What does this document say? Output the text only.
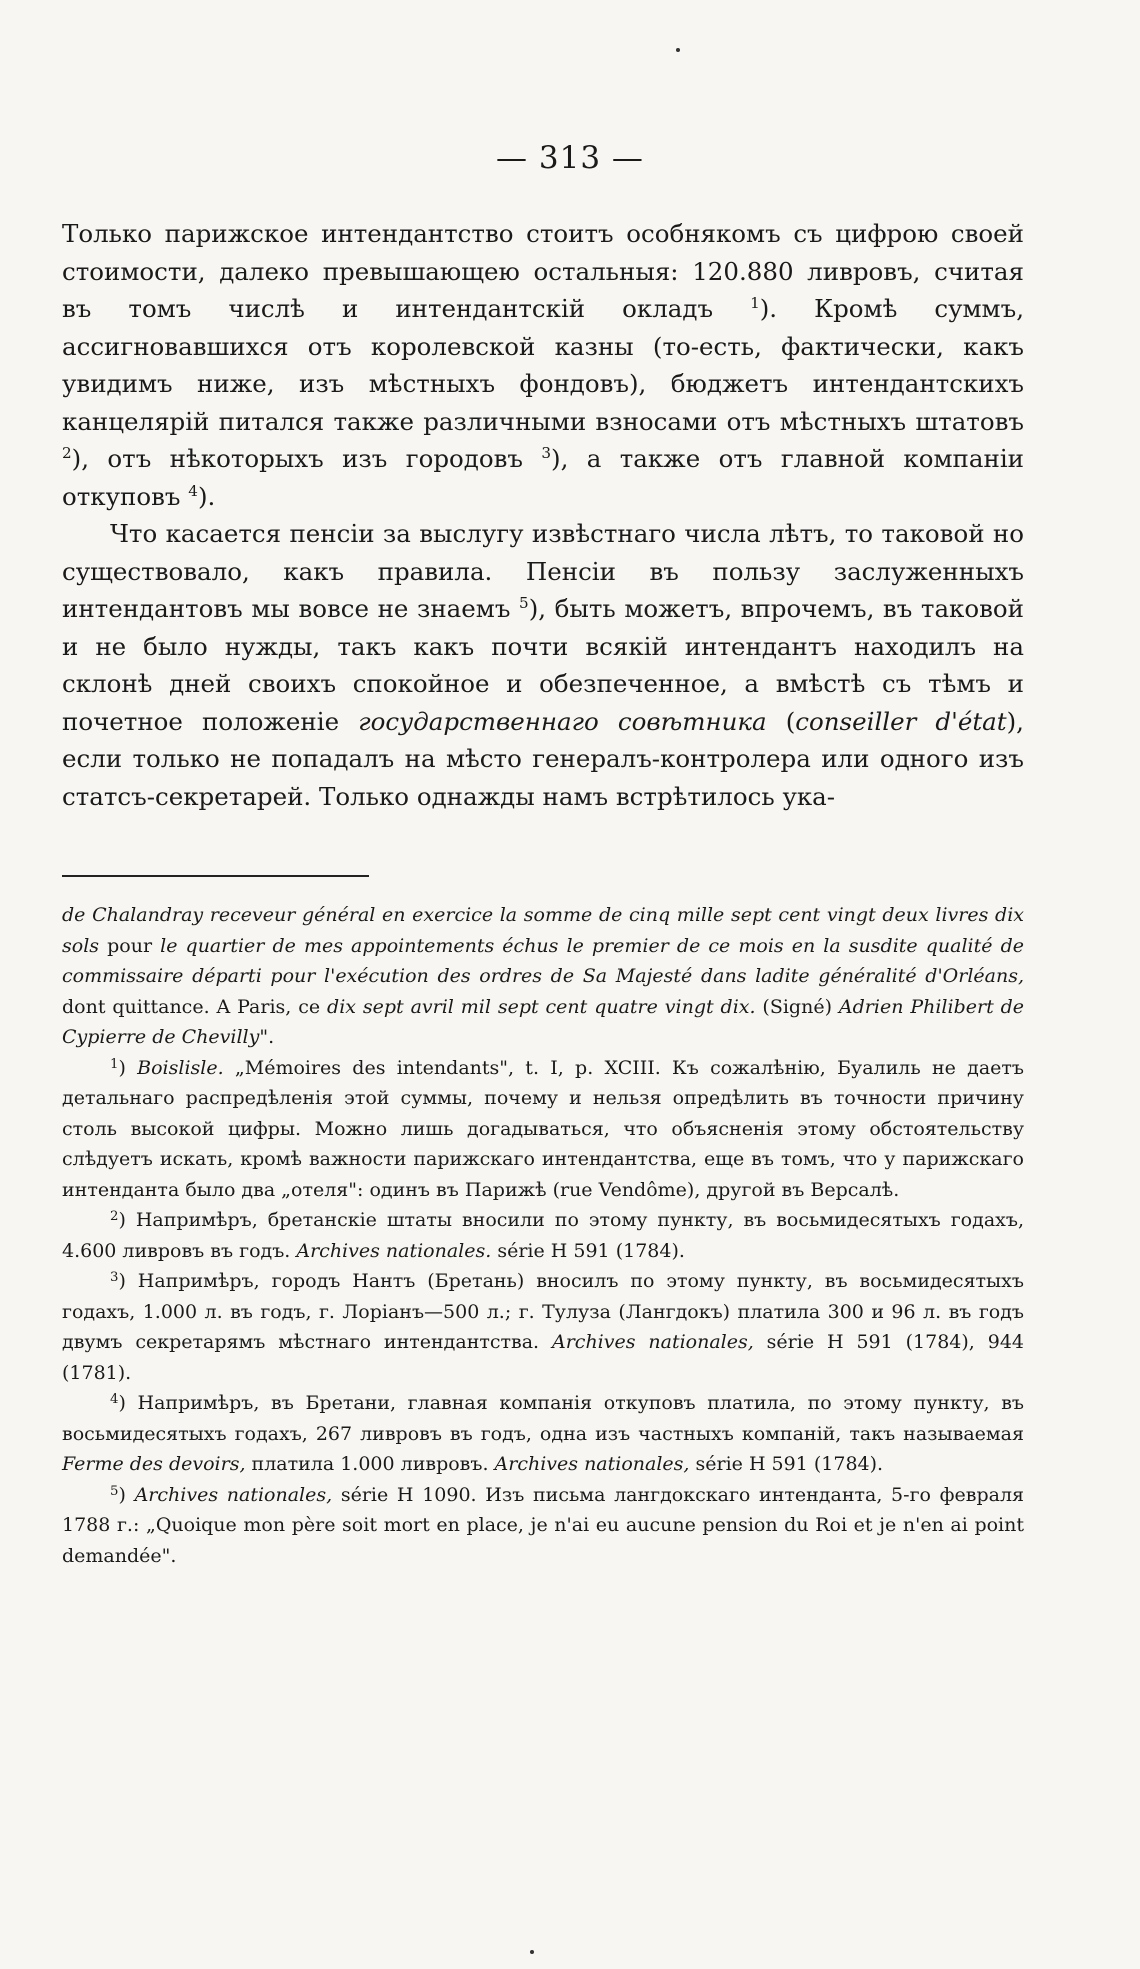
— 313 —

Только парижское интендантство стоитъ особнякомъ съ цифрою своей стоимости, далеко превышающею остальныя: 120.880 ливровъ, считая въ томъ числѣ и интендантскій окладъ $^1$). Кромѣ суммъ, ассигновавшихся отъ королевской казны (то-есть, фактически, какъ увидимъ ниже, изъ мѣстныхъ фондовъ), бюджетъ интендантскихъ канцелярій питался также различными взносами отъ мѣстныхъ штатовъ $^2$), отъ нѣкоторыхъ изъ городовъ $^3$), а также отъ главной компаніи откуповъ $^4$).

Что касается пенсіи за выслугу извѣстнаго числа лѣтъ, то таковой но существовало, какъ правила. Пенсіи въ пользу заслуженныхъ интендантовъ мы вовсе не знаемъ $^5$), быть можетъ, впрочемъ, въ таковой и не было нужды, такъ какъ почти всякій интендантъ находилъ на склонѣ дней своихъ спокойное и обезпеченное, а вмѣстѣ съ тѣмъ и почетное положеніе государственнаго совѣтника (conseiller d'état), если только не попадалъ на мѣсто генералъ-контролера или одного изъ статсъ-секретарей. Только однажды намъ встрѣтилось ука-

de Chalandray receveur général en exercice la somme de cinq mille sept cent vingt deux livres dix sols pour le quartier de mes appointements échus le premier de ce mois en la susdite qualité de commissaire départi pour l'exécution des ordres de Sa Majesté dans ladite généralité d'Orléans, dont quittance. A Paris, ce dix sept avril mil sept cent quatre vingt dix. (Signé) Adrien Philibert de Cypierre de Chevilly".

$^1$) Boislisle. „Mémoires des intendants", t. I, p. XCIII. Къ сожалѣнію, Буалиль не даетъ детальнаго распредѣленія этой суммы, почему и нельзя опредѣлить въ точности причину столь высокой цифры. Можно лишь догадываться, что объясненія этому обстоятельству слѣдуетъ искать, кромѣ важности парижскаго интендантства, еще въ томъ, что у парижскаго интенданта было два „отеля": одинъ въ Парижѣ (rue Vendôme), другой въ Версалѣ.

$^2$) Напримѣръ, бретанскіе штаты вносили по этому пункту, въ восьмидесятыхъ годахъ, 4.600 ливровъ въ годъ. Archives nationales. série H 591 (1784).

$^3$) Напримѣръ, городъ Нантъ (Бретань) вносилъ по этому пункту, въ восьмидесятыхъ годахъ, 1.000 л. въ годъ, г. Лоріанъ—500 л.; г. Тулуза (Лангдокъ) платила 300 и 96 л. въ годъ двумъ секретарямъ мѣстнаго интендантства. Archives nationales, série H 591 (1784), 944 (1781).

$^4$) Напримѣръ, въ Бретани, главная компанія откуповъ платила, по этому пункту, въ восьмидесятыхъ годахъ, 267 ливровъ въ годъ, одна изъ частныхъ компаній, такъ называемая Ferme des devoirs, платила 1.000 ливровъ. Archives nationales, série H 591 (1784).

$^5$) Archives nationales, série H 1090. Изъ письма лангдокскаго интенданта, 5-го февраля 1788 г.: „Quoique mon père soit mort en place, je n'ai eu aucune pension du Roi et je n'en ai point demandée".
